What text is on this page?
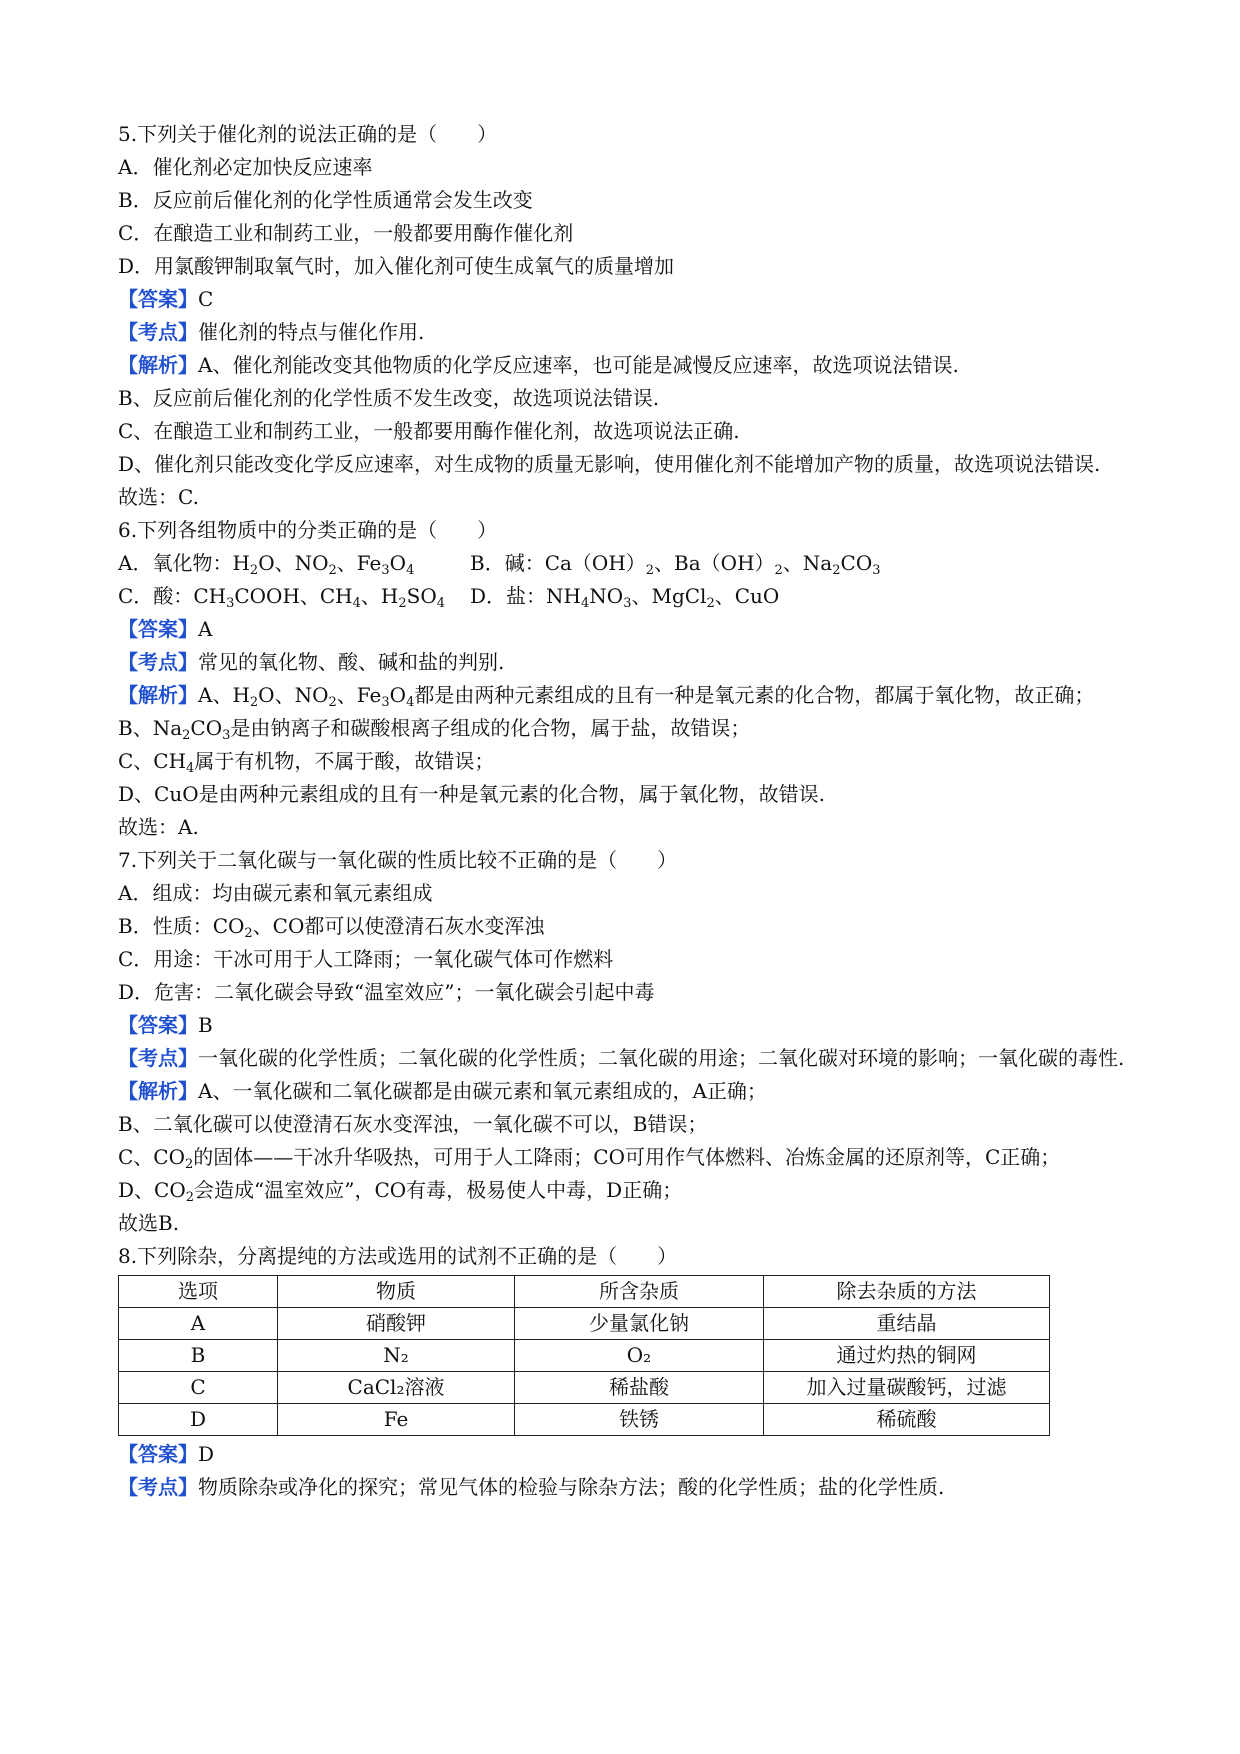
5.下列关于催化剂的说法正确的是（　　）
A．催化剂必定加快反应速率
B．反应前后催化剂的化学性质通常会发生改变
C．在酿造工业和制药工业，一般都要用酶作催化剂
D．用氯酸钾制取氧气时，加入催化剂可使生成氧气的质量增加
【答案】C
【考点】催化剂的特点与催化作用.
【解析】A、催化剂能改变其他物质的化学反应速率，也可能是减慢反应速率，故选项说法错误.
B、反应前后催化剂的化学性质不发生改变，故选项说法错误.
C、在酿造工业和制药工业，一般都要用酶作催化剂，故选项说法正确.
D、催化剂只能改变化学反应速率，对生成物的质量无影响，使用催化剂不能增加产物的质量，故选项说法错误.
故选：C.
6.下列各组物质中的分类正确的是（　　）
A．氧化物：$H_2O$、$NO_2$、$Fe_3O_4$	B．碱：$Ca(OH)_2$、$Ba(OH)_2$、$Na_2CO_3$
C．酸：$CH_3COOH$、$CH_4$、$H_2SO_4$	D．盐：$NH_4NO_3$、MgCl$_2$、CuO
【答案】A
【考点】常见的氧化物、酸、碱和盐的判别.
【解析】A、$H_2O$、$NO_2$、$Fe_3O_4$都是由两种元素组成的且有一种是氧元素的化合物，都属于氧化物，故正确；
B、$Na_2CO_3$是由钠离子和碳酸根离子组成的化合物，属于盐，故错误；
C、$CH_4$属于有机物，不属于酸，故错误；
D、CuO是由两种元素组成的且有一种是氧元素的化合物，属于氧化物，故错误.
故选：A.
7.下列关于二氧化碳与一氧化碳的性质比较不正确的是（　　）
A．组成：均由碳元素和氧元素组成
B．性质：$CO_2$、CO都可以使澄清石灰水变浑浊
C．用途：干冰可用于人工降雨；一氧化碳气体可作燃料
D．危害：二氧化碳会导致“温室效应”；一氧化碳会引起中毒
【答案】B
【考点】一氧化碳的化学性质；二氧化碳的化学性质；二氧化碳的用途；二氧化碳对环境的影响；一氧化碳的毒性.
【解析】A、一氧化碳和二氧化碳都是由碳元素和氧元素组成的，A正确；
B、二氧化碳可以使澄清石灰水变浑浊，一氧化碳不可以，B错误；
C、$CO_2$的固体——干冰升华吸热，可用于人工降雨；CO可用作气体燃料、冶炼金属的还原剂等，C正确；
D、$CO_2$会造成“温室效应”，CO有毒，极易使人中毒，D正确；
故选B.
8.下列除杂，分离提纯的方法或选用的试剂不正确的是（　　）
选项	物质	所含杂质	除去杂质的方法
A	硝酸钾	少量氯化钠	重结晶
B	N₂	O₂	通过灼热的铜网
C	CaCl₂溶液	稀盐酸	加入过量碳酸钙，过滤
D	Fe	铁锈	稀硫酸
【答案】D
【考点】物质除杂或净化的探究；常见气体的检验与除杂方法；酸的化学性质；盐的化学性质.
